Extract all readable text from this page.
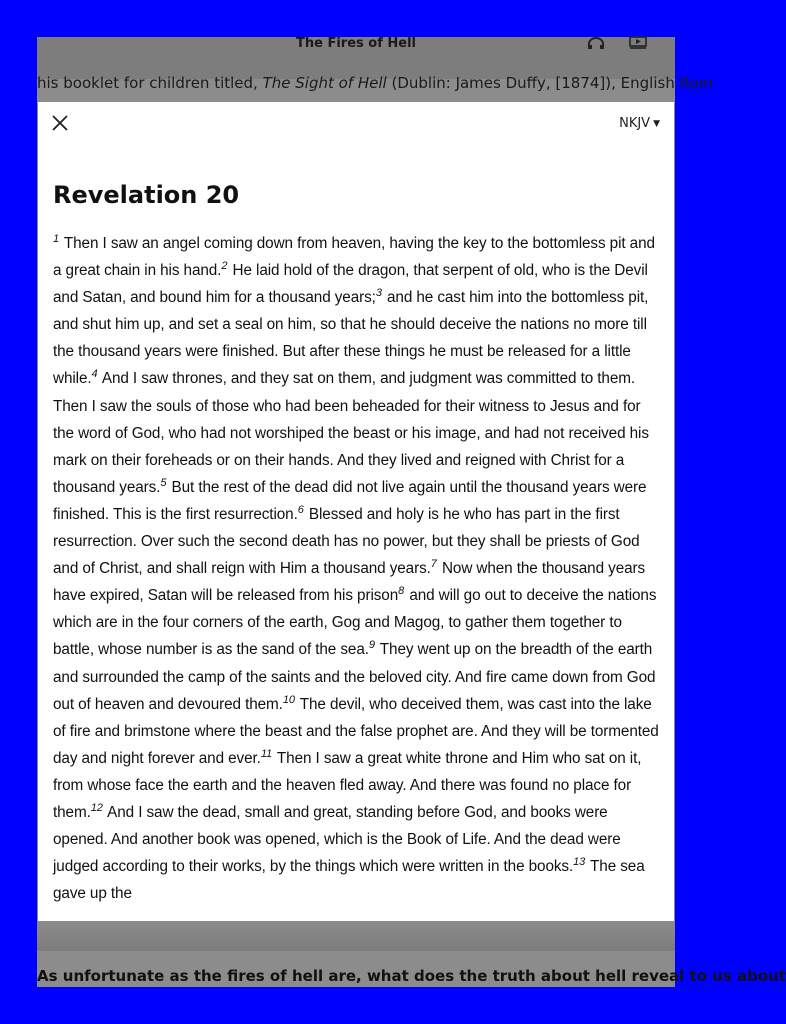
The Fires of Hell
his booklet for children titled, The Sight of Hell (Dublin: James Duffy, [1874]), English Rom
As unfortunate as the fires of hell are, what does the truth about hell reveal to us about
NKJV ▼
Revelation 20

$^1$ Then I saw an angel coming down from heaven, having the key to the bottomless pit and a great chain in his hand.$^2$ He laid hold of the dragon, that serpent of old, who is the Devil and Satan, and bound him for a thousand years;$^3$ and he cast him into the bottomless pit, and shut him up, and set a seal on him, so that he should deceive the nations no more till the thousand years were finished. But after these things he must be released for a little while.$^4$ And I saw thrones, and they sat on them, and judgment was committed to them. Then I saw the souls of those who had been beheaded for their witness to Jesus and for the word of God, who had not worshiped the beast or his image, and had not received his mark on their foreheads or on their hands. And they lived and reigned with Christ for a thousand years.$^5$ But the rest of the dead did not live again until the thousand years were finished. This is the first resurrection.$^6$ Blessed and holy is he who has part in the first resurrection. Over such the second death has no power, but they shall be priests of God and of Christ, and shall reign with Him a thousand years.$^7$ Now when the thousand years have expired, Satan will be released from his prison$^8$ and will go out to deceive the nations which are in the four corners of the earth, Gog and Magog, to gather them together to battle, whose number is as the sand of the sea.$^9$ They went up on the breadth of the earth and surrounded the camp of the saints and the beloved city. And fire came down from God out of heaven and devoured them.$^{10}$ The devil, who deceived them, was cast into the lake of fire and brimstone where the beast and the false prophet are. And they will be tormented day and night forever and ever.$^{11}$ Then I saw a great white throne and Him who sat on it, from whose face the earth and the heaven fled away. And there was found no place for them.$^{12}$ And I saw the dead, small and great, standing before God, and books were opened. And another book was opened, which is the Book of Life. And the dead were judged according to their works, by the things which were written in the books.$^{13}$ The sea gave up the
